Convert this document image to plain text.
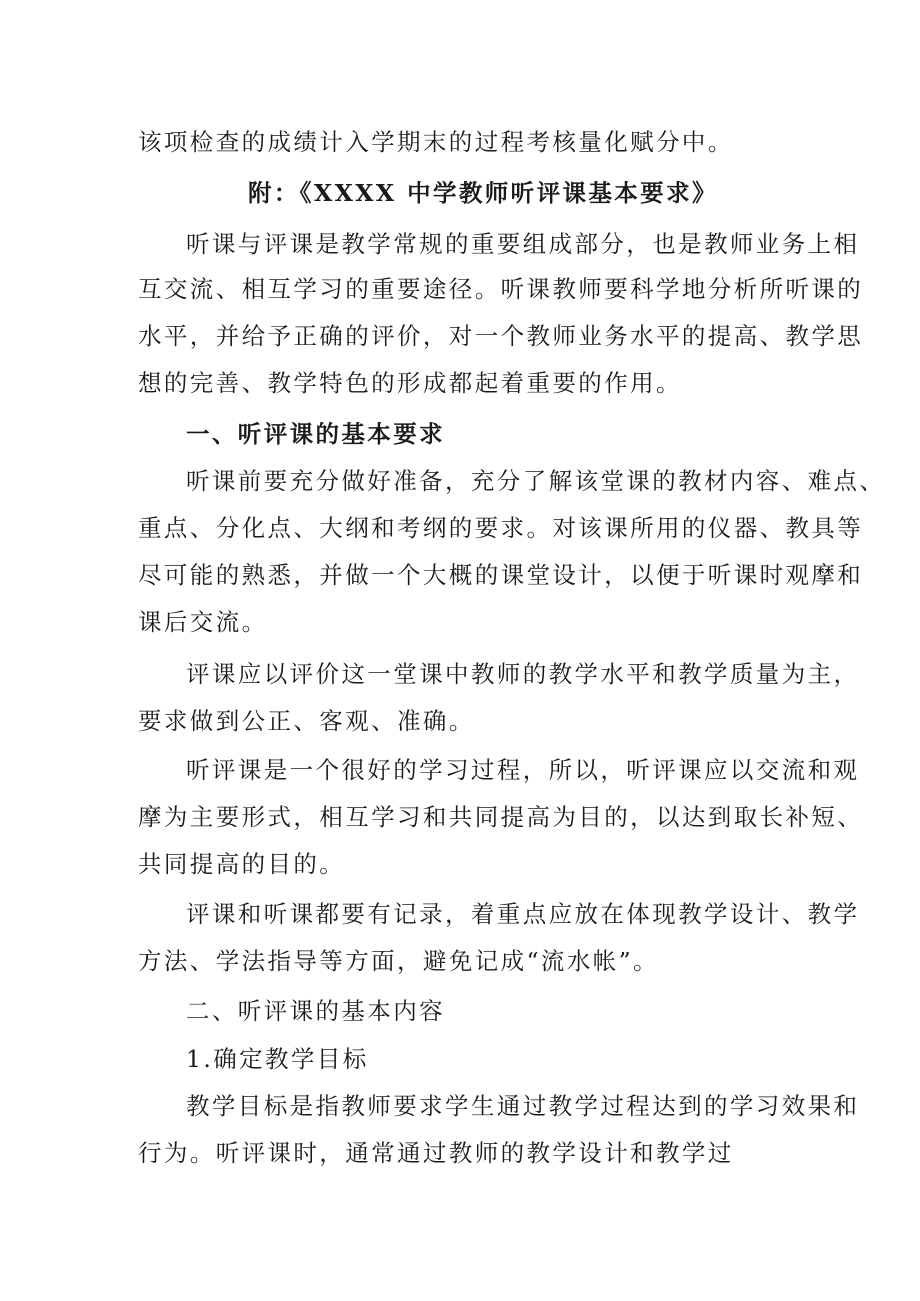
该项检查的成绩计入学期末的过程考核量化赋分中。
附：《XXXX 中学教师听评课基本要求》
听课与评课是教学常规的重要组成部分，也是教师业务上相
互交流、相互学习的重要途径。听课教师要科学地分析所听课的
水平，并给予正确的评价，对一个教师业务水平的提高、教学思
想的完善、教学特色的形成都起着重要的作用。
一、听评课的基本要求
听课前要充分做好准备，充分了解该堂课的教材内容、难点、
重点、分化点、大纲和考纲的要求。对该课所用的仪器、教具等
尽可能的熟悉，并做一个大概的课堂设计，以便于听课时观摩和
课后交流。
评课应以评价这一堂课中教师的教学水平和教学质量为主，
要求做到公正、客观、准确。
听评课是一个很好的学习过程，所以，听评课应以交流和观
摩为主要形式，相互学习和共同提高为目的，以达到取长补短、
共同提高的目的。
评课和听课都要有记录，着重点应放在体现教学设计、教学
方法、学法指导等方面，避免记成“流水帐”。
二、听评课的基本内容
1.确定教学目标
教学目标是指教师要求学生通过教学过程达到的学习效果和
行为。听评课时，通常通过教师的教学设计和教学过
